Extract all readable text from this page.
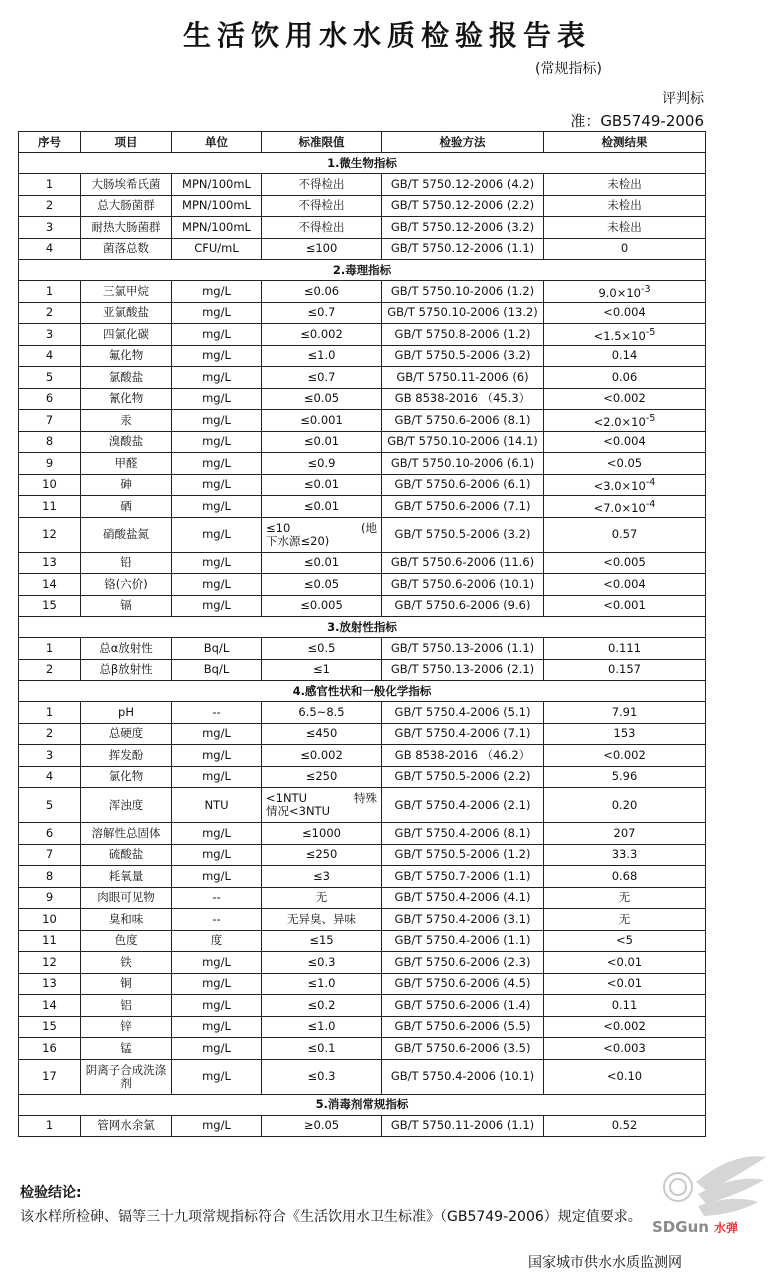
生活饮用水水质检验报告表
(常规指标)
评判标
准：GB5749-2006
序号	项目	单位	标准限值	检验方法	检测结果
1.微生物指标					
1	大肠埃希氏菌	MPN/100mL	不得检出	GB/T 5750.12-2006 (4.2)	未检出
2	总大肠菌群	MPN/100mL	不得检出	GB/T 5750.12-2006 (2.2)	未检出
3	耐热大肠菌群	MPN/100mL	不得检出	GB/T 5750.12-2006 (3.2)	未检出
4	菌落总数	CFU/mL	≤100	GB/T 5750.12-2006 (1.1)	0
2.毒理指标					
1	三氯甲烷	mg/L	≤0.06	GB/T 5750.10-2006 (1.2)	$9.0\times 10^{-3}$
2	亚氯酸盐	mg/L	≤0.7	GB/T 5750.10-2006 (13.2)	<0.004
3	四氯化碳	mg/L	≤0.002	GB/T 5750.8-2006 (1.2)	$<1.5\times 10^{-5}$
4	氟化物	mg/L	≤1.0	GB/T 5750.5-2006 (3.2)	0.14
5	氯酸盐	mg/L	≤0.7	GB/T 5750.11-2006 (6)	0.06
6	氰化物	mg/L	≤0.05	GB 8538-2016 （45.3）	<0.002
7	汞	mg/L	≤0.001	GB/T 5750.6-2006 (8.1)	$<2.0\times 10^{-5}$
8	溴酸盐	mg/L	≤0.01	GB/T 5750.10-2006 (14.1)	<0.004
9	甲醛	mg/L	≤0.9	GB/T 5750.10-2006 (6.1)	<0.05
10	砷	mg/L	≤0.01	GB/T 5750.6-2006 (6.1)	$<3.0\times 10^{-4}$
11	硒	mg/L	≤0.01	GB/T 5750.6-2006 (7.1)	$<7.0\times 10^{-4}$
12	硝酸盐氮	mg/L	≤10 (地
下水源≤20)	GB/T 5750.5-2006 (3.2)	0.57
13	铅	mg/L	≤0.01	GB/T 5750.6-2006 (11.6)	<0.005
14	铬(六价)	mg/L	≤0.05	GB/T 5750.6-2006 (10.1)	<0.004
15	镉	mg/L	≤0.005	GB/T 5750.6-2006 (9.6)	<0.001
3.放射性指标					
1	总α放射性	Bq/L	≤0.5	GB/T 5750.13-2006 (1.1)	0.111
2	总β放射性	Bq/L	≤1	GB/T 5750.13-2006 (2.1)	0.157
4.感官性状和一般化学指标					
1	pH	--	6.5~8.5	GB/T 5750.4-2006 (5.1)	7.91
2	总硬度	mg/L	≤450	GB/T 5750.4-2006 (7.1)	153
3	挥发酚	mg/L	≤0.002	GB 8538-2016 （46.2）	<0.002
4	氯化物	mg/L	≤250	GB/T 5750.5-2006 (2.2)	5.96
5	浑浊度	NTU	<1NTU 特殊
情况<3NTU	GB/T 5750.4-2006 (2.1)	0.20
6	溶解性总固体	mg/L	≤1000	GB/T 5750.4-2006 (8.1)	207
7	硫酸盐	mg/L	≤250	GB/T 5750.5-2006 (1.2)	33.3
8	耗氧量	mg/L	≤3	GB/T 5750.7-2006 (1.1)	0.68
9	肉眼可见物	--	无	GB/T 5750.4-2006 (4.1)	无
10	臭和味	--	无异臭、异味	GB/T 5750.4-2006 (3.1)	无
11	色度	度	≤15	GB/T 5750.4-2006 (1.1)	<5
12	铁	mg/L	≤0.3	GB/T 5750.6-2006 (2.3)	<0.01
13	铜	mg/L	≤1.0	GB/T 5750.6-2006 (4.5)	<0.01
14	铝	mg/L	≤0.2	GB/T 5750.6-2006 (1.4)	0.11
15	锌	mg/L	≤1.0	GB/T 5750.6-2006 (5.5)	<0.002
16	锰	mg/L	≤0.1	GB/T 5750.6-2006 (3.5)	<0.003
17	阴离子合成洗涤剂	mg/L	≤0.3	GB/T 5750.4-2006 (10.1)	<0.10
5.消毒剂常规指标					
1	管网水余氯	mg/L	≥0.05	GB/T 5750.11-2006 (1.1)	0.52
检验结论:
该水样所检砷、镉等三十九项常规指标符合《生活饮用水卫生标准》（GB5749-2006）规定值要求。
国家城市供水水质监测网
SDGun 水弹
